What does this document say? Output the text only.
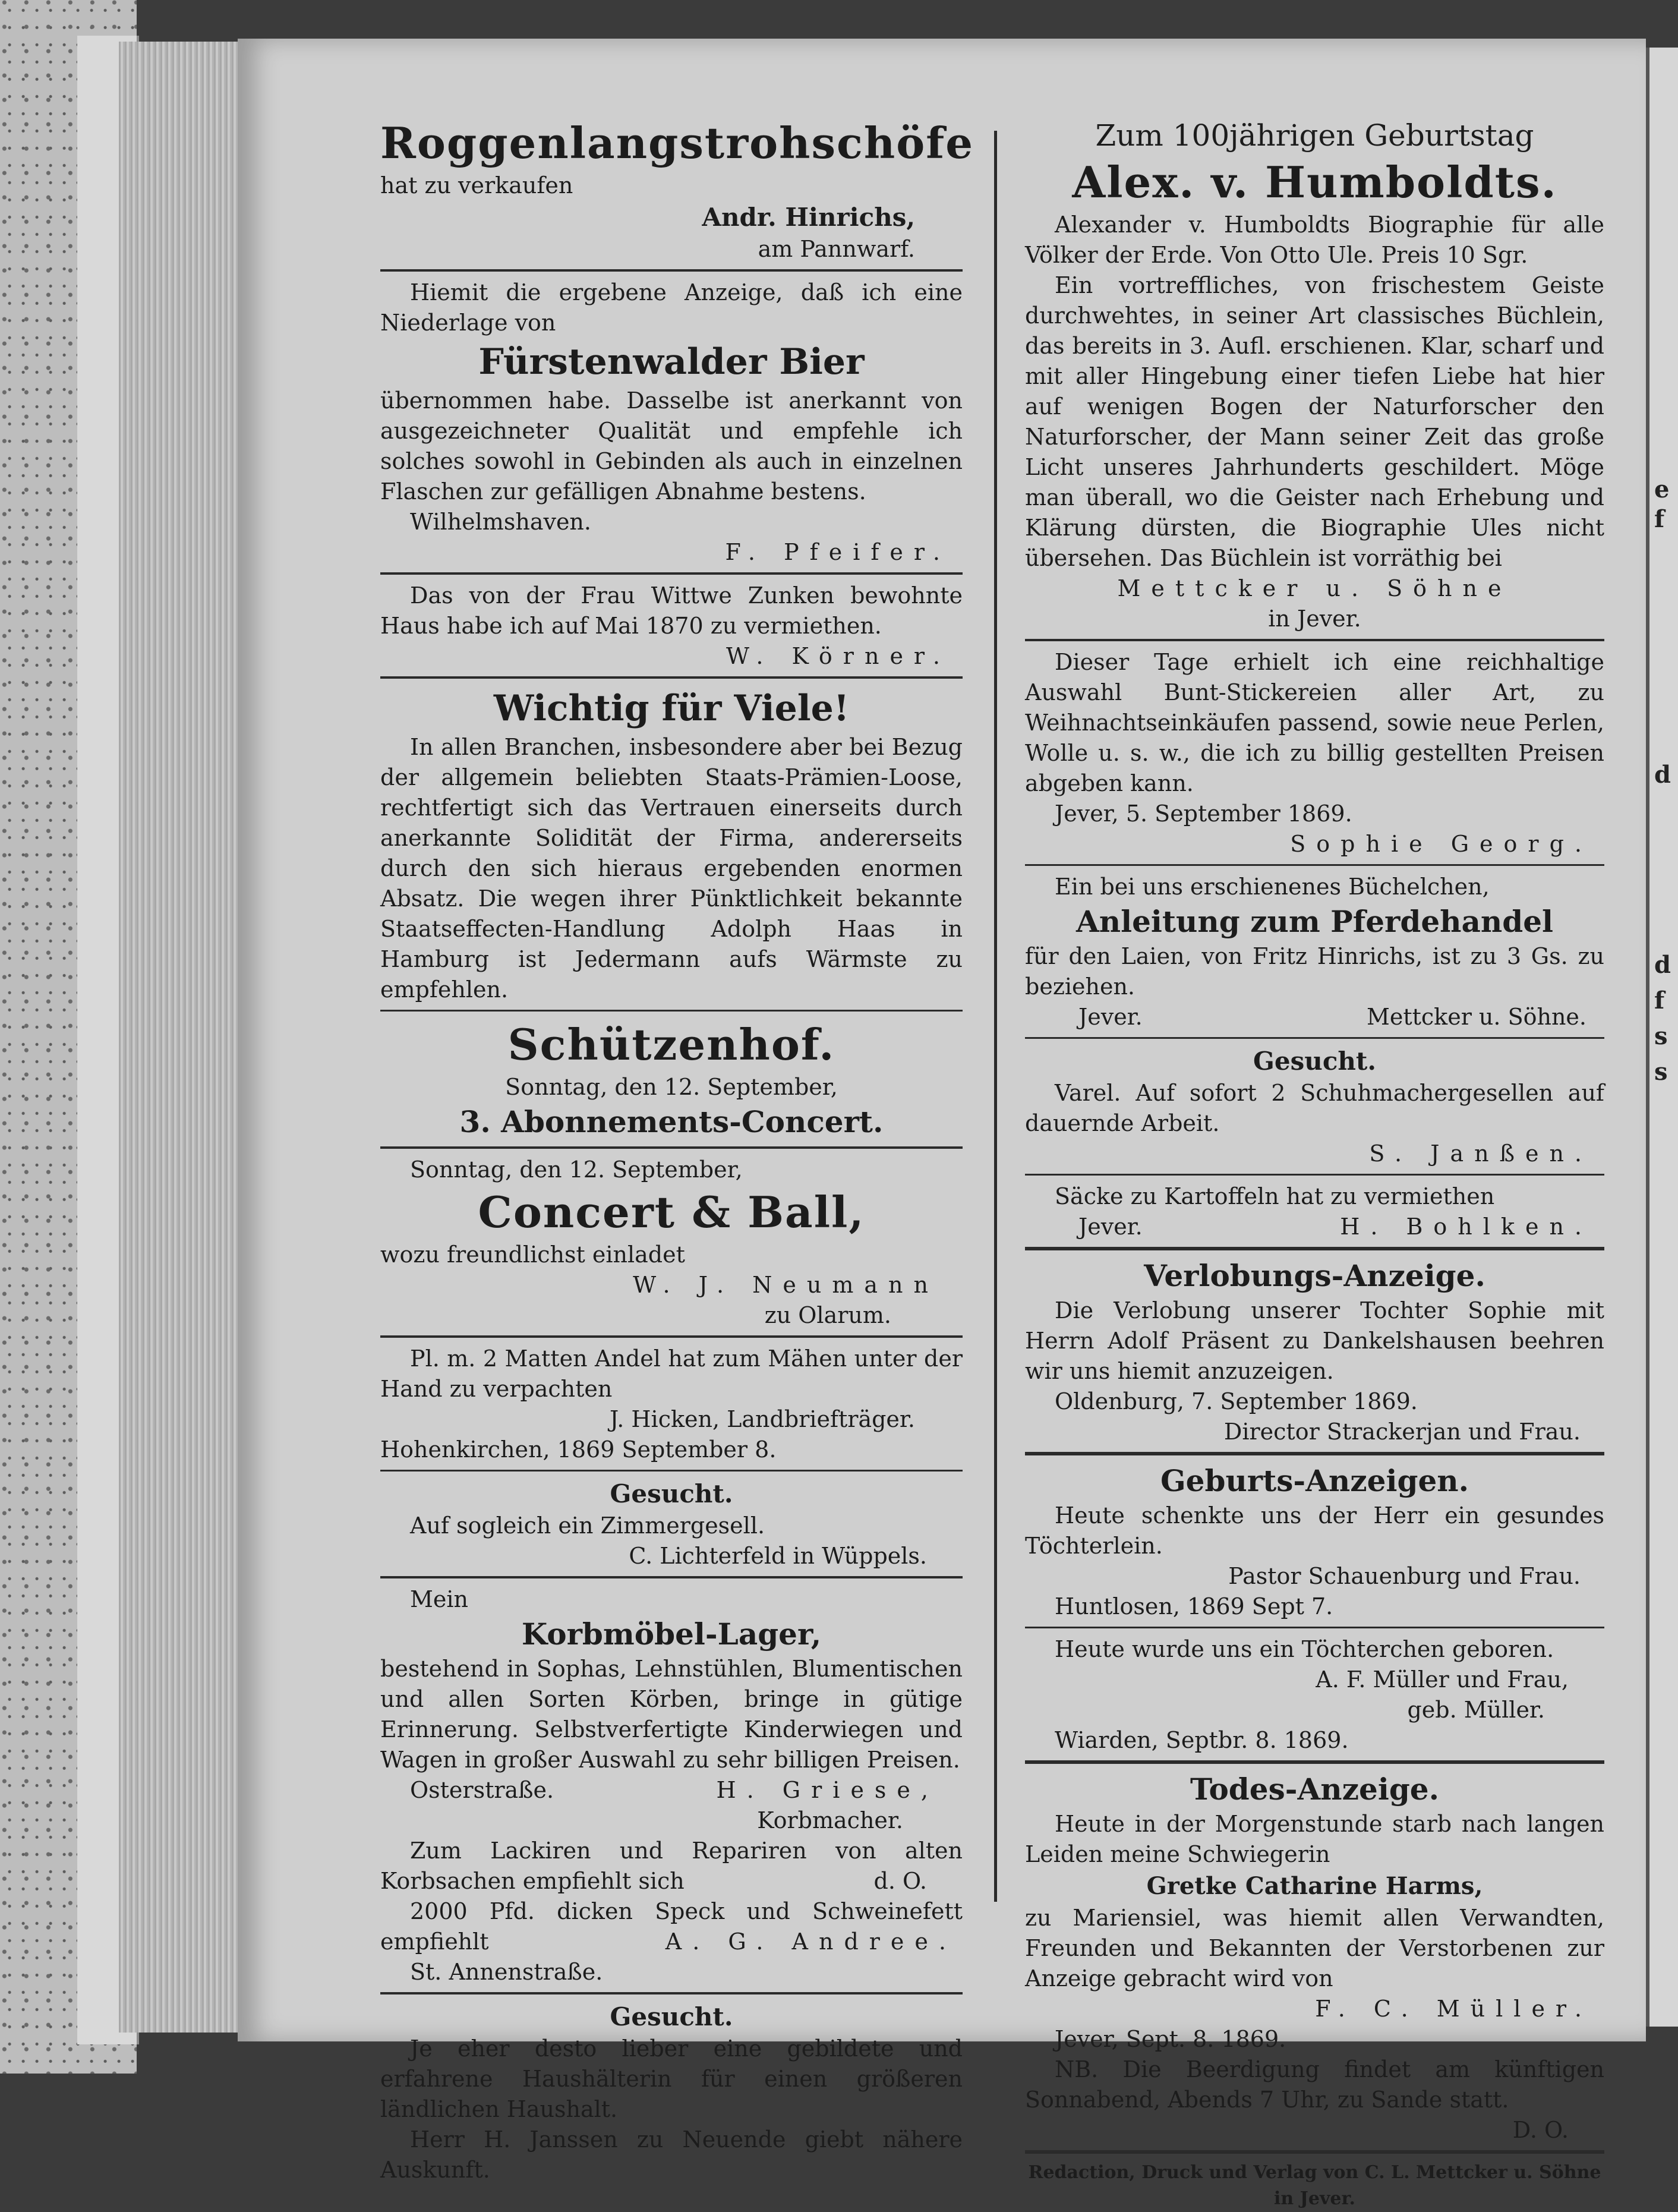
e
f
d
d
f
s
s
Roggenlangstrohschöfe

hat zu verkaufen

Andr. Hinrichs,

am Pannwarf.

Hiemit die ergebene Anzeige, daß ich eine Niederlage von

Fürstenwalder Bier

übernommen habe. Dasselbe ist anerkannt von ausgezeichneter Qualität und empfehle ich solches sowohl in Gebinden als auch in einzelnen Flaschen zur gefälligen Abnahme bestens.

Wilhelmshaven.

F. Pfeifer.

Das von der Frau Wittwe Zunken bewohnte Haus habe ich auf Mai 1870 zu vermiethen.

W. Körner.

Wichtig für Viele!

In allen Branchen, insbesondere aber bei Bezug der allgemein beliebten Staats-Prämien-Loose, rechtfertigt sich das Vertrauen einerseits durch anerkannte Solidität der Firma, andererseits durch den sich hieraus ergebenden enormen Absatz. Die wegen ihrer Pünktlichkeit bekannte Staatseffecten-Handlung Adolph Haas in Hamburg ist Jedermann aufs Wärmste zu empfehlen.

Schützenhof.

Sonntag, den 12. September,

3. Abonnements-Concert.

Sonntag, den 12. September,

Concert & Ball,

wozu freundlichst einladet

W. J. Neumann

zu Olarum.

Pl. m. 2 Matten Andel hat zum Mähen unter der Hand zu verpachten

J. Hicken, Landbriefträger.

Hohenkirchen, 1869 September 8.

Gesucht.

Auf sogleich ein Zimmergesell.

C. Lichterfeld in Wüppels.

Mein

Korbmöbel-Lager,

bestehend in Sophas, Lehnstühlen, Blumentischen und allen Sorten Körben, bringe in gütige Erinnerung. Selbstverfertigte Kinderwiegen und Wagen in großer Auswahl zu sehr billigen Preisen.

Osterstraße.	H. Griese,

Korbmacher.

Zum Lackiren und Repariren von alten Korbsachen empfiehlt sich	d. O.

2000 Pfd. dicken Speck und Schweinefett empfiehlt	A. G. Andree.

St. Annenstraße.

Gesucht.

Je eher desto lieber eine gebildete und erfahrene Haushälterin für einen größeren ländlichen Haushalt.

Herr H. Janssen zu Neuende giebt nähere Auskunft.

Zum 100jährigen Geburtstag
Alex. v. Humboldts.

Alexander v. Humboldts Biographie für alle Völker der Erde. Von Otto Ule. Preis 10 Sgr.

Ein vortreffliches, von frischestem Geiste durchwehtes, in seiner Art classisches Büchlein, das bereits in 3. Aufl. erschienen. Klar, scharf und mit aller Hingebung einer tiefen Liebe hat hier auf wenigen Bogen der Naturforscher den Naturforscher, der Mann seiner Zeit das große Licht unseres Jahrhunderts geschildert. Möge man überall, wo die Geister nach Erhebung und Klärung dürsten, die Biographie Ules nicht übersehen. Das Büchlein ist vorräthig bei

Mettcker u. Söhne

in Jever.

Dieser Tage erhielt ich eine reichhaltige Auswahl Bunt-Stickereien aller Art, zu Weihnachtseinkäufen passend, sowie neue Perlen, Wolle u. s. w., die ich zu billig gestellten Preisen abgeben kann.

Jever, 5. September 1869.

Sophie Georg.

Ein bei uns erschienenes Büchelchen,

Anleitung zum Pferdehandel

für den Laien, von Fritz Hinrichs, ist zu 3 Gs. zu beziehen.

Jever.	Mettcker u. Söhne.
Gesucht.

Varel. Auf sofort 2 Schuhmachergesellen auf dauernde Arbeit.

S. Janßen.

Säcke zu Kartoffeln hat zu vermiethen

Jever.	H. Bohlken.
Verlobungs-Anzeige.

Die Verlobung unserer Tochter Sophie mit Herrn Adolf Präsent zu Dankelshausen beehren wir uns hiemit anzuzeigen.

Oldenburg, 7. September 1869.

Director Strackerjan und Frau.

Geburts-Anzeigen.

Heute schenkte uns der Herr ein gesundes Töchterlein.

Pastor Schauenburg und Frau.

Huntlosen, 1869 Sept 7.

Heute wurde uns ein Töchterchen geboren.

A. F. Müller und Frau,

geb. Müller.

Wiarden, Septbr. 8. 1869.

Todes-Anzeige.

Heute in der Morgenstunde starb nach langen Leiden meine Schwiegerin

Gretke Catharine Harms,

zu Mariensiel, was hiemit allen Verwandten, Freunden und Bekannten der Verstorbenen zur Anzeige gebracht wird von

F. C. Müller.

Jever, Sept. 8. 1869.

NB. Die Beerdigung findet am künftigen Sonnabend, Abends 7 Uhr, zu Sande statt.

D. O.

Redaction, Druck und Verlag von C. L. Mettcker u. Söhne in Jever.
